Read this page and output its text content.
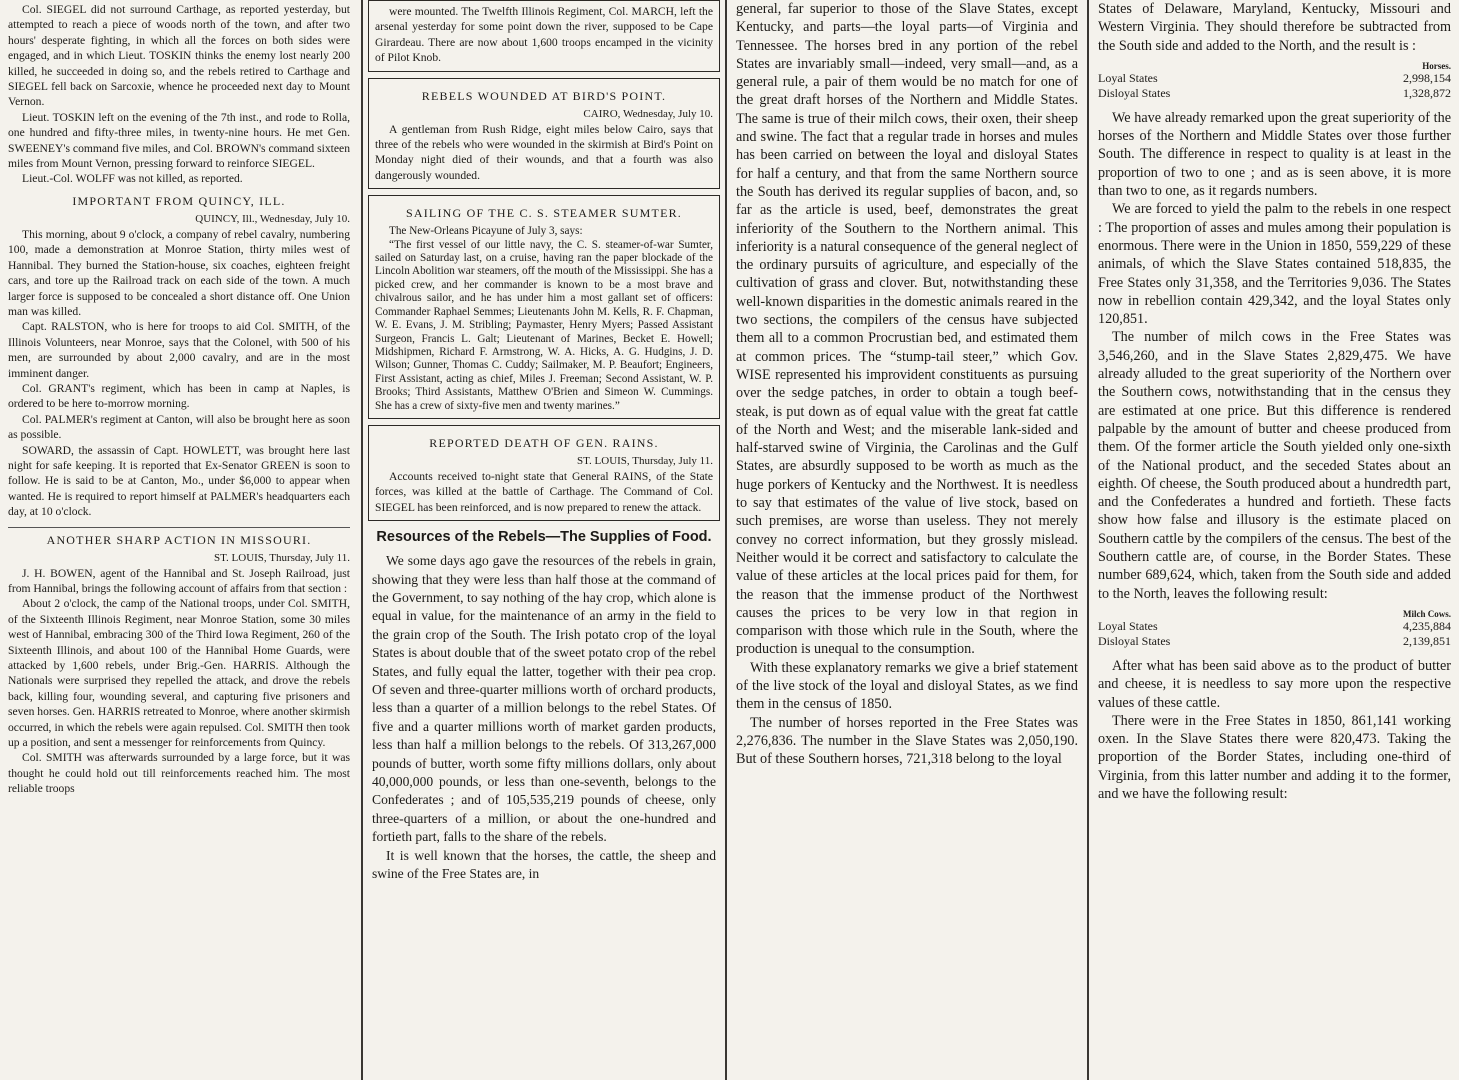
Col. SIEGEL did not surround Carthage, as reported yesterday, but attempted to reach a piece of woods north of the town, and after two hours' desperate fighting, in which all the forces on both sides were engaged, and in which Lieut. TOSKIN thinks the enemy lost nearly 200 killed, he succeeded in doing so, and the rebels retired to Carthage and SIEGEL fell back on Sarcoxie, whence he proceeded next day to Mount Vernon.

Lieut. TOSKIN left on the evening of the 7th inst., and rode to Rolla, one hundred and fifty-three miles, in twenty-nine hours. He met Gen. SWEENEY's command five miles, and Col. BROWN's command sixteen miles from Mount Vernon, pressing forward to reinforce SIEGEL.

Lieut.-Col. WOLFF was not killed, as reported.

IMPORTANT FROM QUINCY, ILL.
QUINCY, Ill., Wednesday, July 10.

This morning, about 9 o'clock, a company of rebel cavalry, numbering 100, made a demonstration at Monroe Station, thirty miles west of Hannibal. They burned the Station-house, six coaches, eighteen freight cars, and tore up the Railroad track on each side of the town. A much larger force is supposed to be concealed a short distance off. One Union man was killed.

Capt. RALSTON, who is here for troops to aid Col. SMITH, of the Illinois Volunteers, near Monroe, says that the Colonel, with 500 of his men, are surrounded by about 2,000 cavalry, and are in the most imminent danger.

Col. GRANT's regiment, which has been in camp at Naples, is ordered to be here to-morrow morning.

Col. PALMER's regiment at Canton, will also be brought here as soon as possible.

SOWARD, the assassin of Capt. HOWLETT, was brought here last night for safe keeping. It is reported that Ex-Senator GREEN is soon to follow. He is said to be at Canton, Mo., under $6,000 to appear when wanted. He is required to report himself at PALMER's headquarters each day, at 10 o'clock.

ANOTHER SHARP ACTION IN MISSOURI.
ST. LOUIS, Thursday, July 11.

J. H. BOWEN, agent of the Hannibal and St. Joseph Railroad, just from Hannibal, brings the following account of affairs from that section :

About 2 o'clock, the camp of the National troops, under Col. SMITH, of the Sixteenth Illinois Regiment, near Monroe Station, some 30 miles west of Hannibal, embracing 300 of the Third Iowa Regiment, 260 of the Sixteenth Illinois, and about 100 of the Hannibal Home Guards, were attacked by 1,600 rebels, under Brig.-Gen. HARRIS. Although the Nationals were surprised they repelled the attack, and drove the rebels back, killing four, wounding several, and capturing five prisoners and seven horses. Gen. HARRIS retreated to Monroe, where another skirmish occurred, in which the rebels were again repulsed. Col. SMITH then took up a position, and sent a messenger for reinforcements from Quincy.

Col. SMITH was afterwards surrounded by a large force, but it was thought he could hold out till reinforcements reached him. The most reliable troops

were mounted. The Twelfth Illinois Regiment, Col. MARCH, left the arsenal yesterday for some point down the river, supposed to be Cape Girardeau. There are now about 1,600 troops encamped in the vicinity of Pilot Knob.

REBELS WOUNDED AT BIRD'S POINT.
CAIRO, Wednesday, July 10.

A gentleman from Rush Ridge, eight miles below Cairo, says that three of the rebels who were wounded in the skirmish at Bird's Point on Monday night died of their wounds, and that a fourth was also dangerously wounded.

SAILING OF THE C. S. STEAMER SUMTER.

The New-Orleans Picayune of July 3, says:

“The first vessel of our little navy, the C. S. steamer-of-war Sumter, sailed on Saturday last, on a cruise, having ran the paper blockade of the Lincoln Abolition war steamers, off the mouth of the Mississippi. She has a picked crew, and her commander is known to be a most brave and chivalrous sailor, and he has under him a most gallant set of officers: Commander Raphael Semmes; Lieutenants John M. Kells, R. F. Chapman, W. E. Evans, J. M. Stribling; Paymaster, Henry Myers; Passed Assistant Surgeon, Francis L. Galt; Lieutenant of Marines, Becket E. Howell; Midshipmen, Richard F. Armstrong, W. A. Hicks, A. G. Hudgins, J. D. Wilson; Gunner, Thomas C. Cuddy; Sailmaker, M. P. Beaufort; Engineers, First Assistant, acting as chief, Miles J. Freeman; Second Assistant, W. P. Brooks; Third Assistants, Matthew O'Brien and Simeon W. Cummings. She has a crew of sixty-five men and twenty marines.”

REPORTED DEATH OF GEN. RAINS.
ST. LOUIS, Thursday, July 11.

Accounts received to-night state that General RAINS, of the State forces, was killed at the battle of Carthage. The Command of Col. SIEGEL has been reinforced, and is now prepared to renew the attack.

Resources of the Rebels—The Supplies of Food.

We some days ago gave the resources of the rebels in grain, showing that they were less than half those at the command of the Government, to say nothing of the hay crop, which alone is equal in value, for the maintenance of an army in the field to the grain crop of the South. The Irish potato crop of the loyal States is about double that of the sweet potato crop of the rebel States, and fully equal the latter, together with their pea crop. Of seven and three-quarter millions worth of orchard products, less than a quarter of a million belongs to the rebel States. Of five and a quarter millions worth of market garden products, less than half a million belongs to the rebels. Of 313,267,000 pounds of butter, worth some fifty millions dollars, only about 40,000,000 pounds, or less than one-seventh, belongs to the Confederates ; and of 105,535,219 pounds of cheese, only three-quarters of a million, or about the one-hundred and fortieth part, falls to the share of the rebels.

It is well known that the horses, the cattle, the sheep and swine of the Free States are, in

general, far superior to those of the Slave States, except Kentucky, and parts—the loyal parts—of Virginia and Tennessee. The horses bred in any portion of the rebel States are invariably small—indeed, very small—and, as a general rule, a pair of them would be no match for one of the great draft horses of the Northern and Middle States. The same is true of their milch cows, their oxen, their sheep and swine. The fact that a regular trade in horses and mules has been carried on between the loyal and disloyal States for half a century, and that from the same Northern source the South has derived its regular supplies of bacon, and, so far as the article is used, beef, demonstrates the great inferiority of the Southern to the Northern animal. This inferiority is a natural consequence of the general neglect of the ordinary pursuits of agriculture, and especially of the cultivation of grass and clover. But, notwithstanding these well-known disparities in the domestic animals reared in the two sections, the compilers of the census have subjected them all to a common Procrustian bed, and estimated them at common prices. The “stump-tail steer,” which Gov. WISE represented his improvident constituents as pursuing over the sedge patches, in order to obtain a tough beef-steak, is put down as of equal value with the great fat cattle of the North and West; and the miserable lank-sided and half-starved swine of Virginia, the Carolinas and the Gulf States, are absurdly supposed to be worth as much as the huge porkers of Kentucky and the Northwest. It is needless to say that estimates of the value of live stock, based on such premises, are worse than useless. They not merely convey no correct information, but they grossly mislead. Neither would it be correct and satisfactory to calculate the value of these articles at the local prices paid for them, for the reason that the immense product of the Northwest causes the prices to be very low in that region in comparison with those which rule in the South, where the production is unequal to the consumption.

With these explanatory remarks we give a brief statement of the live stock of the loyal and disloyal States, as we find them in the census of 1850.

The number of horses reported in the Free States was 2,276,836. The number in the Slave States was 2,050,190. But of these Southern horses, 721,318 belong to the loyal

States of Delaware, Maryland, Kentucky, Missouri and Western Virginia. They should therefore be subtracted from the South side and added to the North, and the result is :

Horses.
Loyal States	2,998,154
Disloyal States	1,328,872

We have already remarked upon the great superiority of the horses of the Northern and Middle States over those further South. The difference in respect to quality is at least in the proportion of two to one ; and as is seen above, it is more than two to one, as it regards numbers.

We are forced to yield the palm to the rebels in one respect : The proportion of asses and mules among their population is enormous. There were in the Union in 1850, 559,229 of these animals, of which the Slave States contained 518,835, the Free States only 31,358, and the Territories 9,036. The States now in rebellion contain 429,342, and the loyal States only 120,851.

The number of milch cows in the Free States was 3,546,260, and in the Slave States 2,829,475. We have already alluded to the great superiority of the Northern over the Southern cows, notwithstanding that in the census they are estimated at one price. But this difference is rendered palpable by the amount of butter and cheese produced from them. Of the former article the South yielded only one-sixth of the National product, and the seceded States about an eighth. Of cheese, the South produced about a hundredth part, and the Confederates a hundred and fortieth. These facts show how false and illusory is the estimate placed on Southern cattle by the compilers of the census. The best of the Southern cattle are, of course, in the Border States. These number 689,624, which, taken from the South side and added to the North, leaves the following result:

Milch Cows.
Loyal States	4,235,884
Disloyal States	2,139,851

After what has been said above as to the product of butter and cheese, it is needless to say more upon the respective values of these cattle.

There were in the Free States in 1850, 861,141 working oxen. In the Slave States there were 820,473. Taking the proportion of the Border States, including one-third of Virginia, from this latter number and adding it to the former, and we have the following result:
